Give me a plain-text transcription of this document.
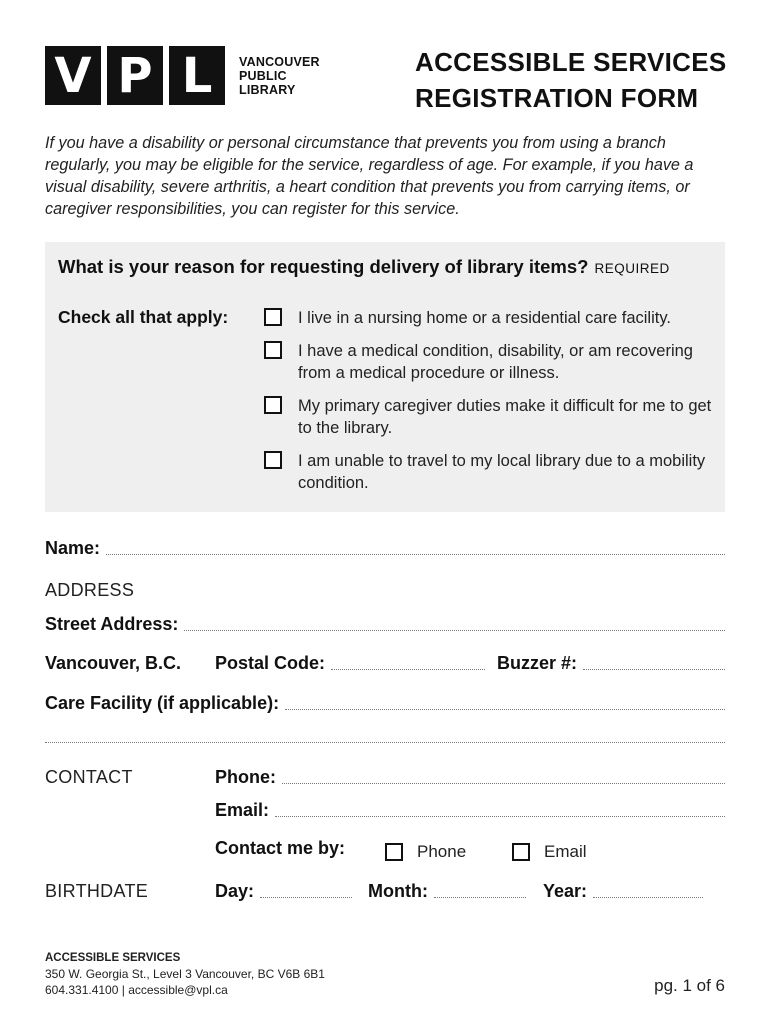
V P L	VANCOUVER
PUBLIC
LIBRARY
ACCESSIBLE SERVICES
REGISTRATION FORM

If you have a disability or personal circumstance that prevents you from using a branch regularly, you may be eligible for the service, regardless of age. For example, if you have a visual disability, severe arthritis, a heart condition that prevents you from carrying items, or caregiver responsibilities, you can register for this service.

What is your reason for requesting delivery of library items? REQUIRED
Check all that apply:	I live in a nursing home or a residential care facility.
I have a medical condition, disability, or am recovering from a medical procedure or illness.
My primary caregiver duties make it difficult for me to get to the library.
I am unable to travel to my local library due to a mobility condition.
Name:
ADDRESS
Street Address:
Vancouver, B.C. Postal Code:	Buzzer #:
Care Facility (if applicable):
CONTACT	Phone:
Email:
Contact me by:	Phone	Email
BIRTHDATE	Day:	Month:	Year:
ACCESSIBLE SERVICES
350 W. Georgia St., Level 3 Vancouver, BC V6B 6B1
604.331.4100 | accessible@vpl.ca	pg. 1 of 6
